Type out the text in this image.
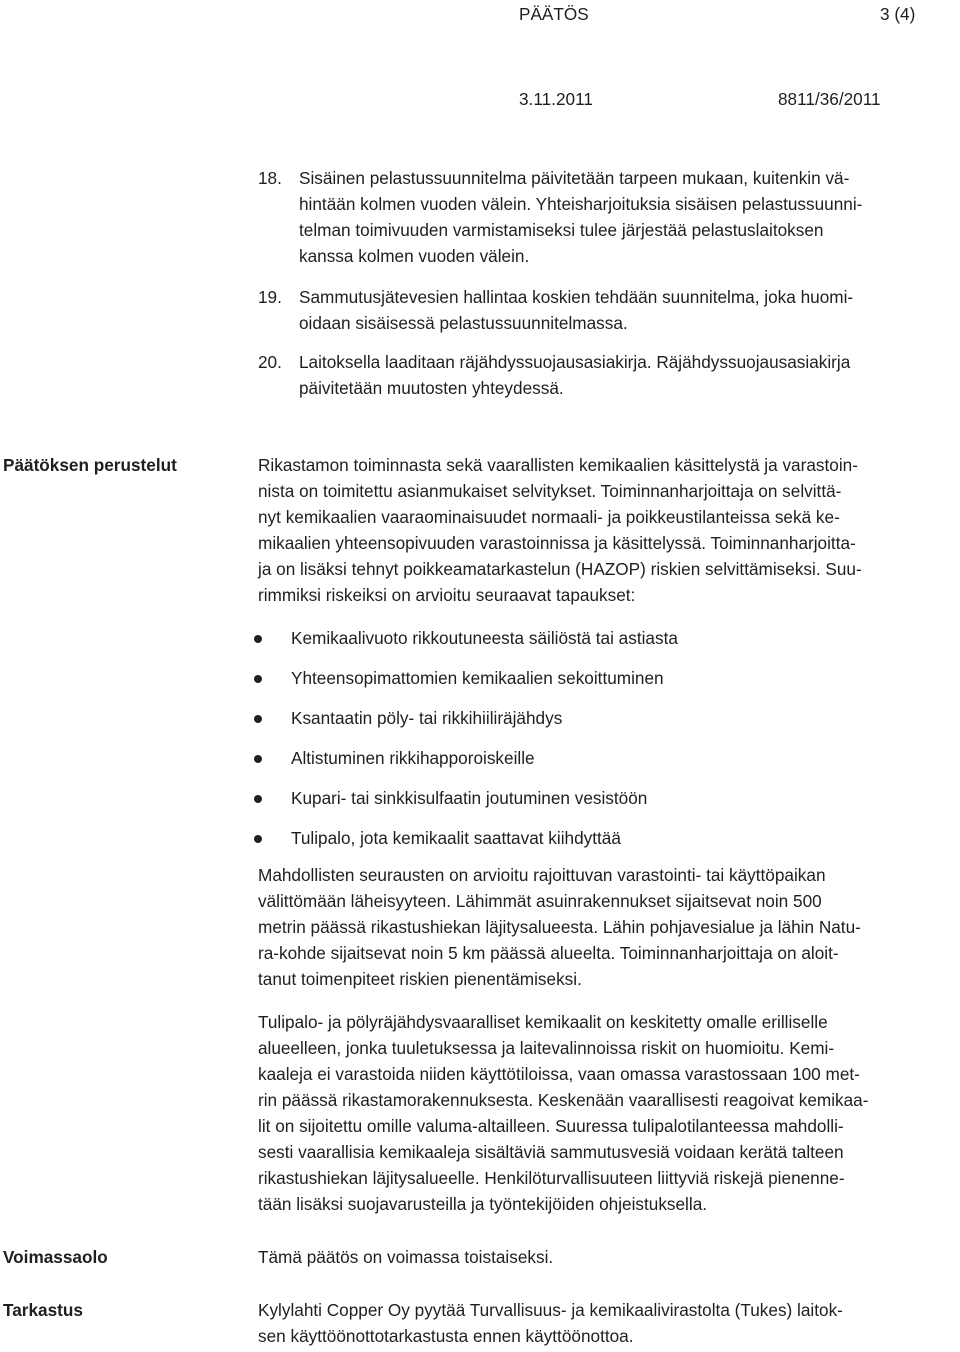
PÄÄTÖS	3 (4)
3.11.2011	8811/36/2011
18. Sisäinen pelastussuunnitelma päivitetään tarpeen mukaan, kuitenkin vä-
hintään kolmen vuoden välein. Yhteisharjoituksia sisäisen pelastussuunni-
telman toimivuuden varmistamiseksi tulee järjestää pelastuslaitoksen
kanssa kolmen vuoden välein.
19. Sammutusjätevesien hallintaa koskien tehdään suunnitelma, joka huomi-
oidaan sisäisessä pelastussuunnitelmassa.
20. Laitoksella laaditaan räjähdyssuojausasiakirja. Räjähdyssuojausasiakirja
päivitetään muutosten yhteydessä.
Päätöksen perustelut	Rikastamon toiminnasta sekä vaarallisten kemikaalien käsittelystä ja varastoin-
nista on toimitettu asianmukaiset selvitykset. Toiminnanharjoittaja on selvittä-
nyt kemikaalien vaaraominaisuudet normaali- ja poikkeustilanteissa sekä ke-
mikaalien yhteensopivuuden varastoinnissa ja käsittelyssä. Toiminnanharjoitta-
ja on lisäksi tehnyt poikkeamatarkastelun (HAZOP) riskien selvittämiseksi. Suu-
rimmiksi riskeiksi on arvioitu seuraavat tapaukset:
Kemikaalivuoto rikkoutuneesta säiliöstä tai astiasta
Yhteensopimattomien kemikaalien sekoittuminen
Ksantaatin pöly- tai rikkihiiliräjähdys
Altistuminen rikkihapporoiskeille
Kupari- tai sinkkisulfaatin joutuminen vesistöön
Tulipalo, jota kemikaalit saattavat kiihdyttää
Mahdollisten seurausten on arvioitu rajoittuvan varastointi- tai käyttöpaikan
välittömään läheisyyteen. Lähimmät asuinrakennukset sijaitsevat noin 500
metrin päässä rikastushiekan läjitysalueesta. Lähin pohjavesialue ja lähin Natu-
ra-kohde sijaitsevat noin 5 km päässä alueelta. Toiminnanharjoittaja on aloit-
tanut toimenpiteet riskien pienentämiseksi.
Tulipalo- ja pölyräjähdysvaaralliset kemikaalit on keskitetty omalle erilliselle
alueelleen, jonka tuuletuksessa ja laitevalinnoissa riskit on huomioitu. Kemi-
kaaleja ei varastoida niiden käyttötiloissa, vaan omassa varastossaan 100 met-
rin päässä rikastamorakennuksesta. Keskenään vaarallisesti reagoivat kemikaa-
lit on sijoitettu omille valuma-altailleen. Suuressa tulipalotilanteessa mahdolli-
sesti vaarallisia kemikaaleja sisältäviä sammutusvesiä voidaan kerätä talteen
rikastushiekan läjitysalueelle. Henkilöturvallisuuteen liittyviä riskejä pienenne-
tään lisäksi suojavarusteilla ja työntekijöiden ohjeistuksella.
Voimassaolo	Tämä päätös on voimassa toistaiseksi.
Tarkastus	Kylylahti Copper Oy pyytää Turvallisuus- ja kemikaalivirastolta (Tukes) laitok-
sen käyttöönottotarkastusta ennen käyttöönottoa.
